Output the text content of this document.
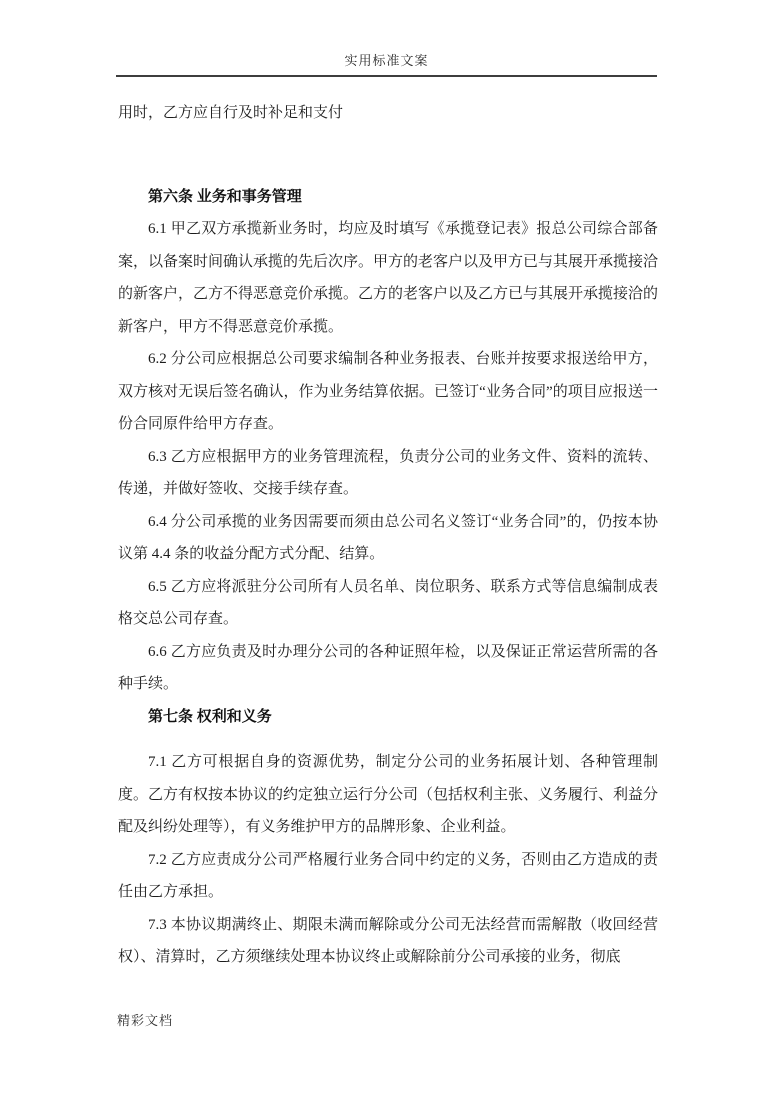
实用标准文案

用时，乙方应自行及时补足和支付

第六条 业务和事务管理

6.1 甲乙双方承揽新业务时，均应及时填写《承揽登记表》报总公司综合部备案，以备案时间确认承揽的先后次序。甲方的老客户以及甲方已与其展开承揽接洽的新客户，乙方不得恶意竞价承揽。乙方的老客户以及乙方已与其展开承揽接洽的新客户，甲方不得恶意竞价承揽。

6.2 分公司应根据总公司要求编制各种业务报表、台账并按要求报送给甲方，双方核对无误后签名确认，作为业务结算依据。已签订“业务合同”的项目应报送一份合同原件给甲方存查。

6.3 乙方应根据甲方的业务管理流程，负责分公司的业务文件、资料的流转、传递，并做好签收、交接手续存查。

6.4 分公司承揽的业务因需要而须由总公司名义签订“业务合同”的，仍按本协议第 4.4 条的收益分配方式分配、结算。

6.5 乙方应将派驻分公司所有人员名单、岗位职务、联系方式等信息编制成表格交总公司存查。

6.6 乙方应负责及时办理分公司的各种证照年检，以及保证正常运营所需的各种手续。

第七条 权利和义务

7.1 乙方可根据自身的资源优势，制定分公司的业务拓展计划、各种管理制度。乙方有权按本协议的约定独立运行分公司（包括权利主张、义务履行、利益分配及纠纷处理等），有义务维护甲方的品牌形象、企业利益。

7.2 乙方应责成分公司严格履行业务合同中约定的义务，否则由乙方造成的责任由乙方承担。

7.3 本协议期满终止、期限未满而解除或分公司无法经营而需解散（收回经营权）、清算时，乙方须继续处理本协议终止或解除前分公司承接的业务，彻底

精彩文档
